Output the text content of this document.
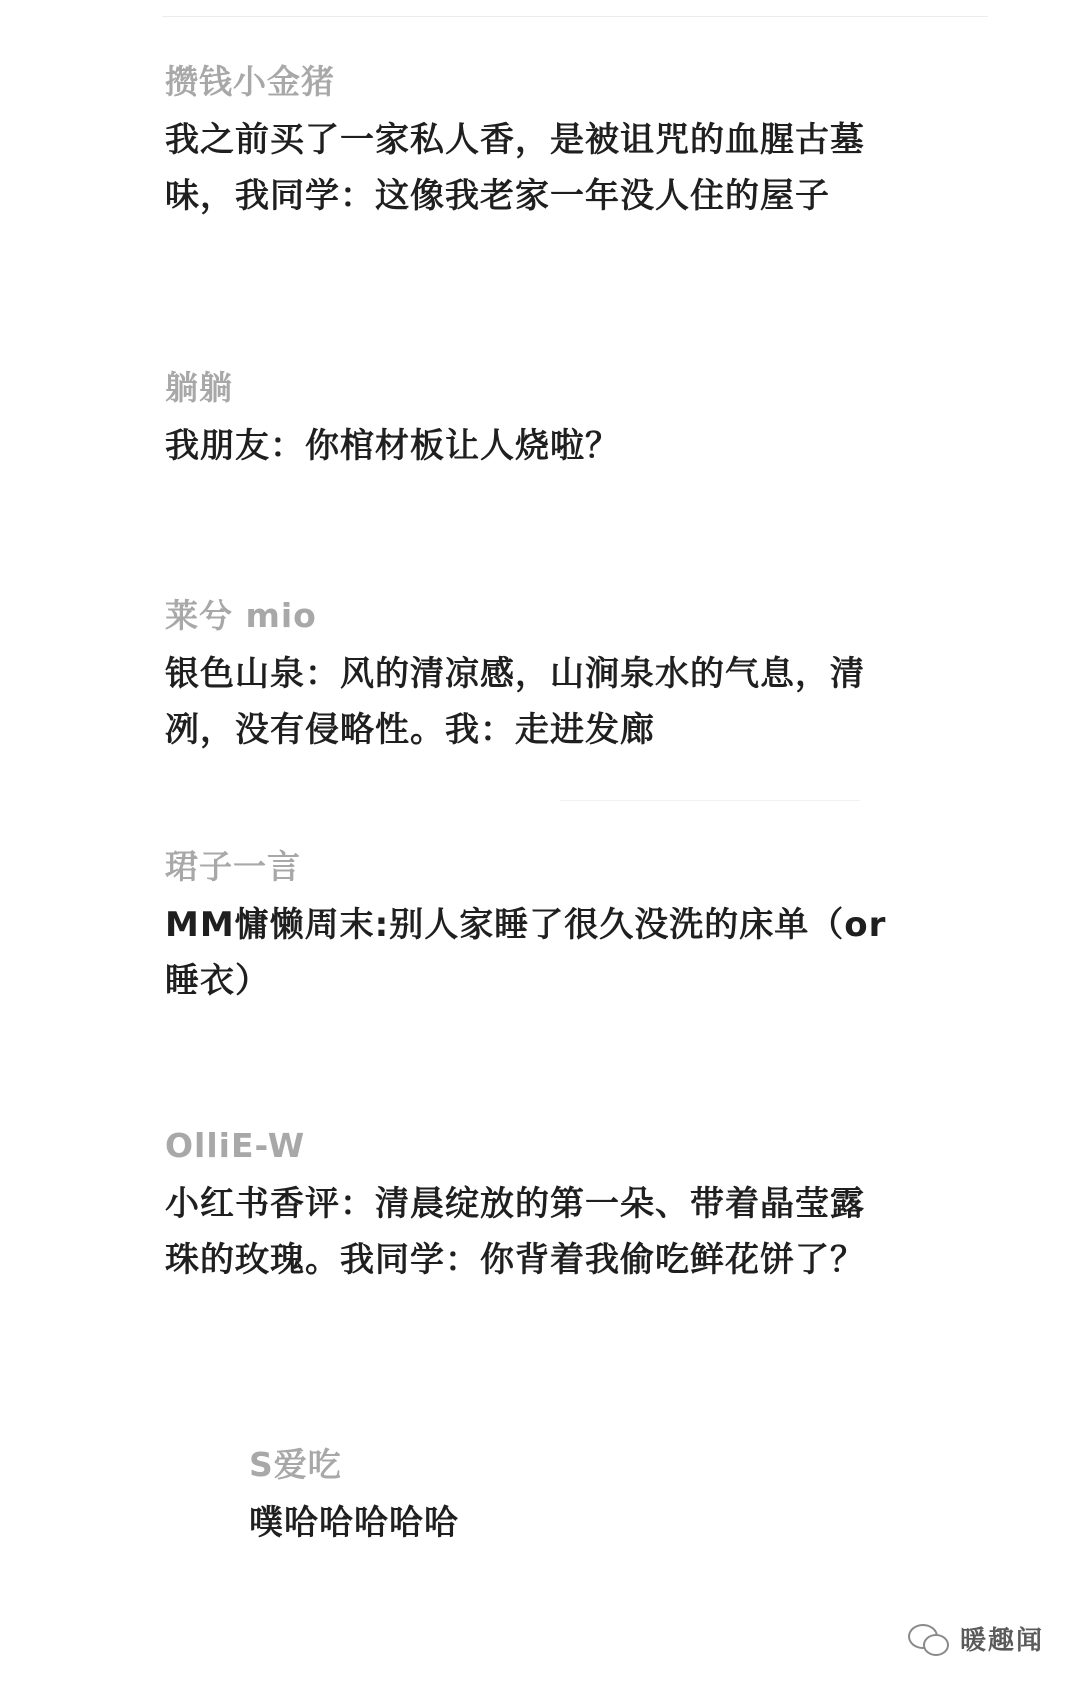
攒钱小金猪
我之前买了一家私人香，是被诅咒的血腥古墓
味，我同学：这像我老家一年没人住的屋子
躺躺
我朋友：你棺材板让人烧啦？
莱兮 mio
银色山泉：风的清凉感，山涧泉水的气息，清
冽，没有侵略性。我：走进发廊
珺子一言
MM慵懒周末:别人家睡了很久没洗的床单（or
睡衣）
OlliE-W
小红书香评：清晨绽放的第一朵、带着晶莹露
珠的玫瑰。我同学：你背着我偷吃鲜花饼了？
S爱吃
噗哈哈哈哈哈
暖趣闻
